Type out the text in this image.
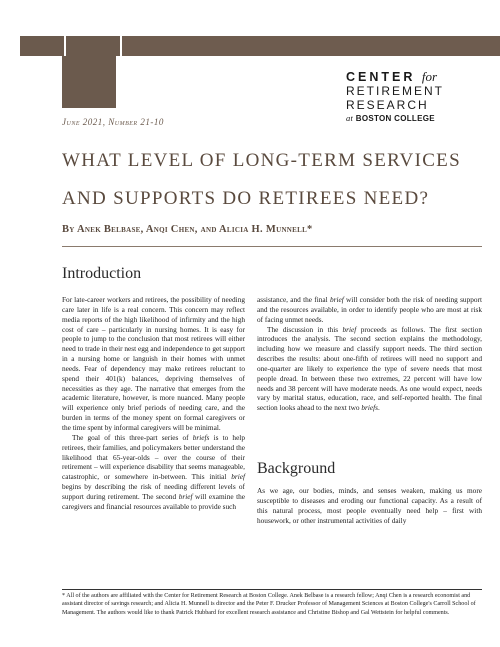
CENTER for
RETIREMENT
RESEARCH
at BOSTON COLLEGE
June 2021, Number 21-10
WHAT LEVEL OF LONG-TERM SERVICES
AND SUPPORTS DO RETIREES NEED?
By Anek Belbase, Anqi Chen, and Alicia H. Munnell*
Introduction

For late-career workers and retirees, the possibility of needing care later in life is a real concern. This concern may reflect media reports of the high likelihood of infirmity and the high cost of care – particularly in nursing homes. It is easy for people to jump to the conclusion that most retirees will either need to trade in their nest egg and independence to get support in a nursing home or languish in their homes with unmet needs. Fear of dependency may make retirees reluctant to spend their 401(k) balances, depriving themselves of necessities as they age. The narrative that emerges from the academic literature, however, is more nuanced. Many people will experience only brief periods of needing care, and the burden in terms of the money spent on formal caregivers or the time spent by informal caregivers will be minimal.

The goal of this three-part series of briefs is to help retirees, their families, and policymakers better understand the likelihood that 65-year-olds – over the course of their retirement – will experience disability that seems manageable, catastrophic, or somewhere in-between. This initial brief begins by describing the risk of needing different levels of support during retirement. The second brief will examine the caregivers and financial resources available to provide such

assistance, and the final brief will consider both the risk of needing support and the resources available, in order to identify people who are most at risk of facing unmet needs.

The discussion in this brief proceeds as follows. The first section introduces the analysis. The second section explains the methodology, including how we measure and classify support needs. The third section describes the results: about one-fifth of retirees will need no support and one-quarter are likely to experience the type of severe needs that most people dread. In between these two extremes, 22 percent will have low needs and 38 percent will have moderate needs. As one would expect, needs vary by marital status, education, race, and self-reported health. The final section looks ahead to the next two briefs.

Background

As we age, our bodies, minds, and senses weaken, making us more susceptible to diseases and eroding our functional capacity. As a result of this natural process, most people eventually need help – first with housework, or other instrumental activities of daily

* All of the authors are affiliated with the Center for Retirement Research at Boston College. Anek Belbase is a research fellow; Anqi Chen is a research economist and assistant director of savings research; and Alicia H. Munnell is director and the Peter F. Drucker Professor of Management Sciences at Boston College's Carroll School of Management. The authors would like to thank Patrick Hubbard for excellent research assistance and Christine Bishop and Gal Wettstein for helpful comments.
